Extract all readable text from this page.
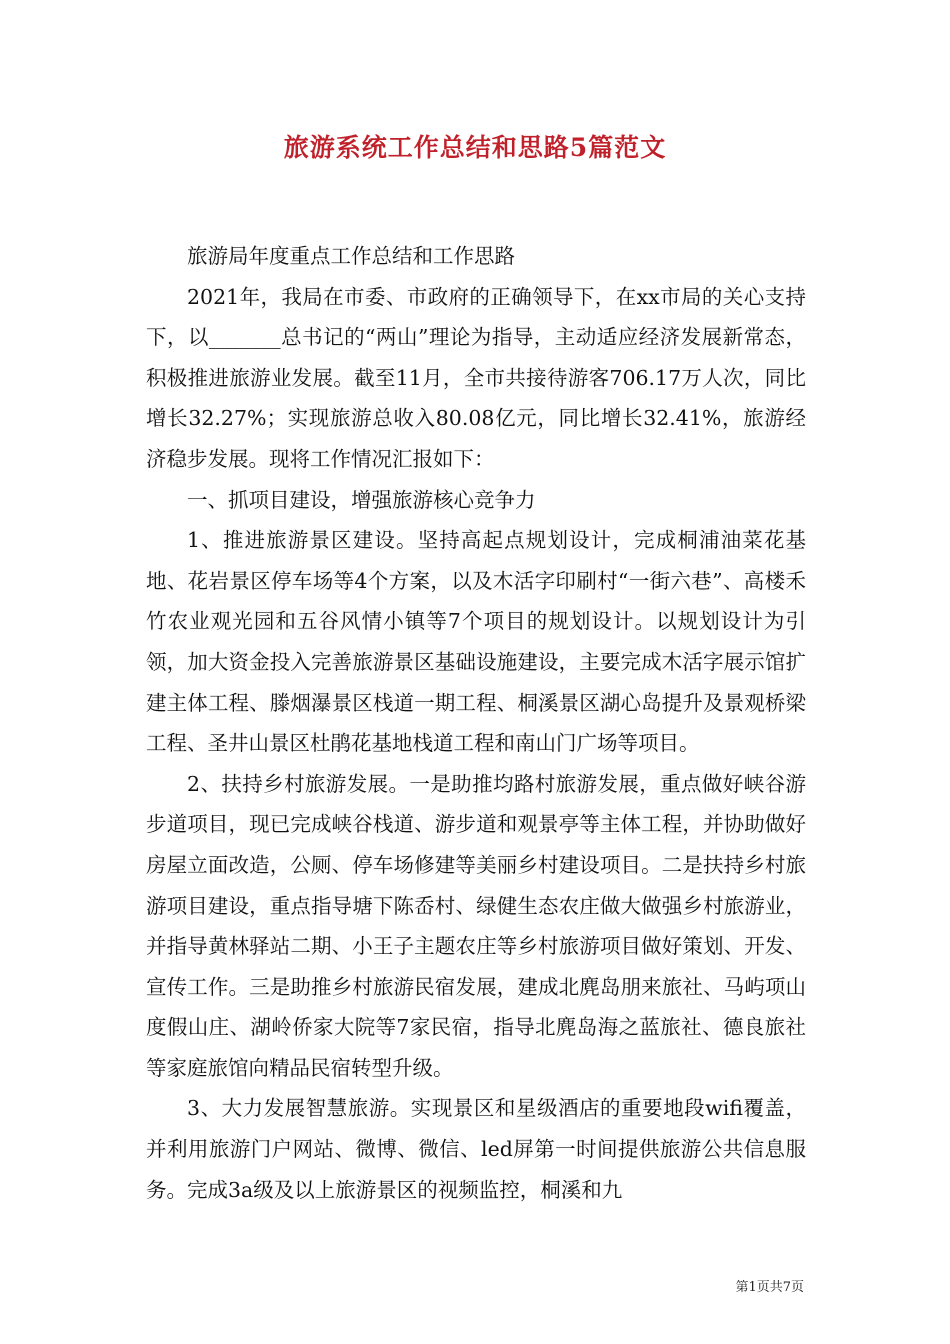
旅游系统工作总结和思路5篇范文

旅游局年度重点工作总结和工作思路

2021年，我局在市委、市政府的正确领导下，在xx市局的关心支持下，以_______总书记的“两山”理论为指导，主动适应经济发展新常态，积极推进旅游业发展。截至11月，全市共接待游客706.17万人次，同比增长32.27%；实现旅游总收入80.08亿元，同比增长32.41%，旅游经济稳步发展。现将工作情况汇报如下：

一、抓项目建设，增强旅游核心竞争力

1、推进旅游景区建设。坚持高起点规划设计，完成桐浦油菜花基地、花岩景区停车场等4个方案，以及木活字印刷村“一街六巷”、高楼禾竹农业观光园和五谷风情小镇等7个项目的规划设计。以规划设计为引领，加大资金投入完善旅游景区基础设施建设，主要完成木活字展示馆扩建主体工程、滕烟瀑景区栈道一期工程、桐溪景区湖心岛提升及景观桥梁工程、圣井山景区杜鹃花基地栈道工程和南山门广场等项目。

2、扶持乡村旅游发展。一是助推均路村旅游发展，重点做好峡谷游步道项目，现已完成峡谷栈道、游步道和观景亭等主体工程，并协助做好房屋立面改造，公厕、停车场修建等美丽乡村建设项目。二是扶持乡村旅游项目建设，重点指导塘下陈岙村、绿健生态农庄做大做强乡村旅游业，并指导黄林驿站二期、小王子主题农庄等乡村旅游项目做好策划、开发、宣传工作。三是助推乡村旅游民宿发展，建成北麂岛朋来旅社、马屿项山度假山庄、湖岭侨家大院等7家民宿，指导北麂岛海之蓝旅社、德良旅社等家庭旅馆向精品民宿转型升级。

3、大力发展智慧旅游。实现景区和星级酒店的重要地段wifi覆盖，并利用旅游门户网站、微博、微信、led屏第一时间提供旅游公共信息服务。完成3a级及以上旅游景区的视频监控，桐溪和九

第1页共7页
